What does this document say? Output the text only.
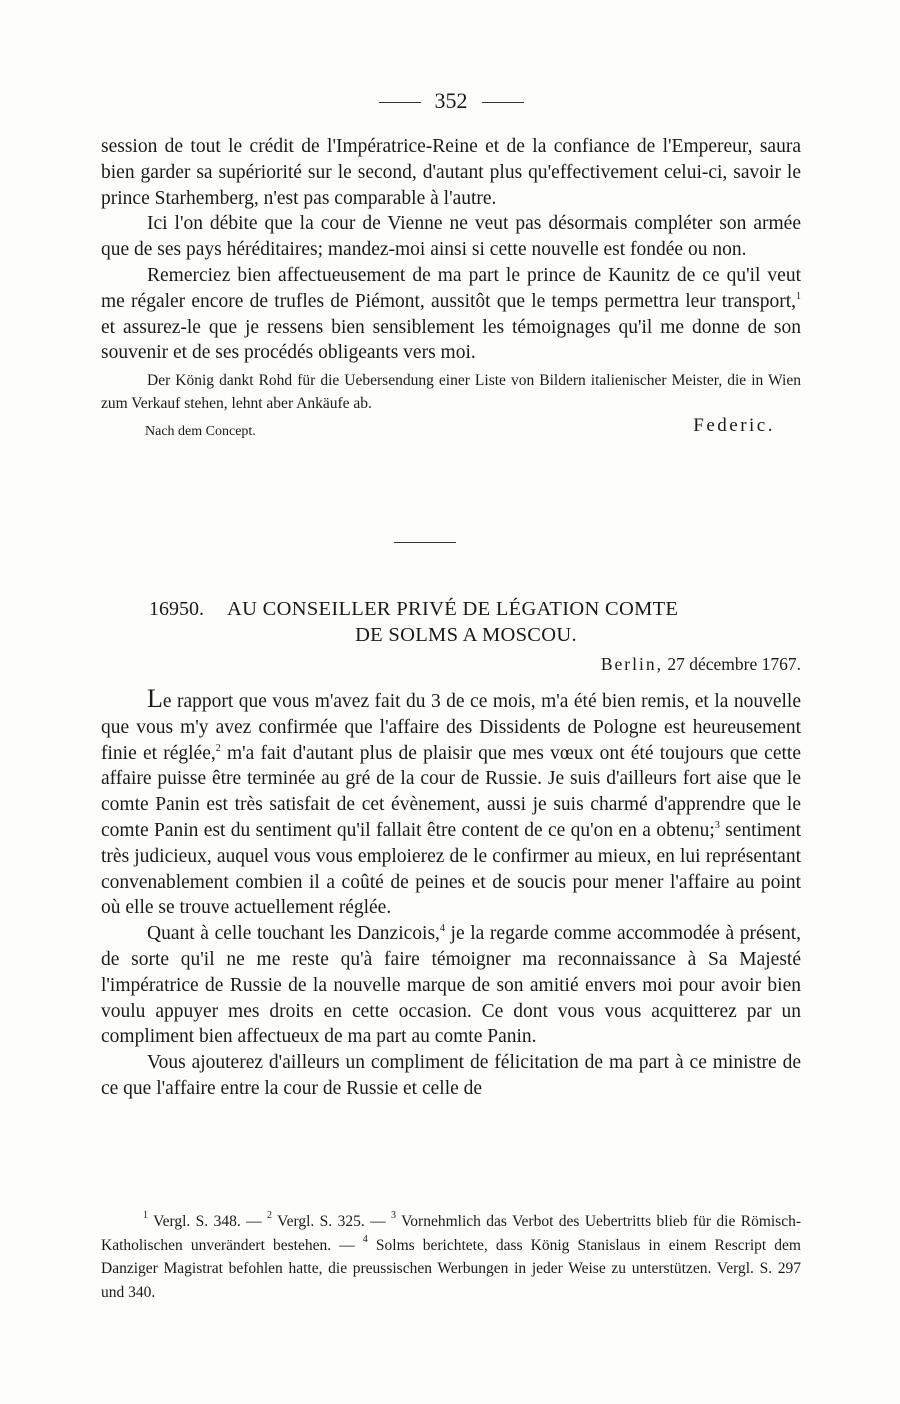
352

session de tout le crédit de l'Impératrice-Reine et de la confiance de l'Empereur, saura bien garder sa supériorité sur le second, d'autant plus qu'effectivement celui-ci, savoir le prince Starhemberg, n'est pas comparable à l'autre.

Ici l'on débite que la cour de Vienne ne veut pas désormais compléter son armée que de ses pays héréditaires; mandez-moi ainsi si cette nouvelle est fondée ou non.

Remerciez bien affectueusement de ma part le prince de Kaunitz de ce qu'il veut me régaler encore de trufles de Piémont, aussitôt que le temps permettra leur transport,$^1$ et assurez-le que je ressens bien sensiblement les témoignages qu'il me donne de son souvenir et de ses procédés obligeants vers moi.

Der König dankt Rohd für die Uebersendung einer Liste von Bildern italienischer Meister, die in Wien zum Verkauf stehen, lehnt aber Ankäufe ab.

Nach dem Concept.	Federic.
16950. AU CONSEILLER PRIVÉ DE LÉGATION COMTE
DE SOLMS A MOSCOU.
Berlin, 27 décembre 1767.

Le rapport que vous m'avez fait du 3 de ce mois, m'a été bien remis, et la nouvelle que vous m'y avez confirmée que l'affaire des Dissidents de Pologne est heureusement finie et réglée,$^2$ m'a fait d'autant plus de plaisir que mes vœux ont été toujours que cette affaire puisse être terminée au gré de la cour de Russie. Je suis d'ailleurs fort aise que le comte Panin est très satisfait de cet évènement, aussi je suis charmé d'apprendre que le comte Panin est du sentiment qu'il fallait être content de ce qu'on en a obtenu;$^3$ sentiment très judicieux, auquel vous vous emploierez de le confirmer au mieux, en lui représentant convenablement combien il a coûté de peines et de soucis pour mener l'affaire au point où elle se trouve actuellement réglée.

Quant à celle touchant les Danzicois,$^4$ je la regarde comme accommodée à présent, de sorte qu'il ne me reste qu'à faire témoigner ma reconnaissance à Sa Majesté l'impératrice de Russie de la nouvelle marque de son amitié envers moi pour avoir bien voulu appuyer mes droits en cette occasion. Ce dont vous vous acquitterez par un compliment bien affectueux de ma part au comte Panin.

Vous ajouterez d'ailleurs un compliment de félicitation de ma part à ce ministre de ce que l'affaire entre la cour de Russie et celle de

$^1$ Vergl. S. 348. — $^2$ Vergl. S. 325. — $^3$ Vornehmlich das Verbot des Uebertritts blieb für die Römisch-Katholischen unverändert bestehen. — $^4$ Solms berichtete, dass König Stanislaus in einem Rescript dem Danziger Magistrat befohlen hatte, die preussischen Werbungen in jeder Weise zu unterstützen. Vergl. S. 297 und 340.
